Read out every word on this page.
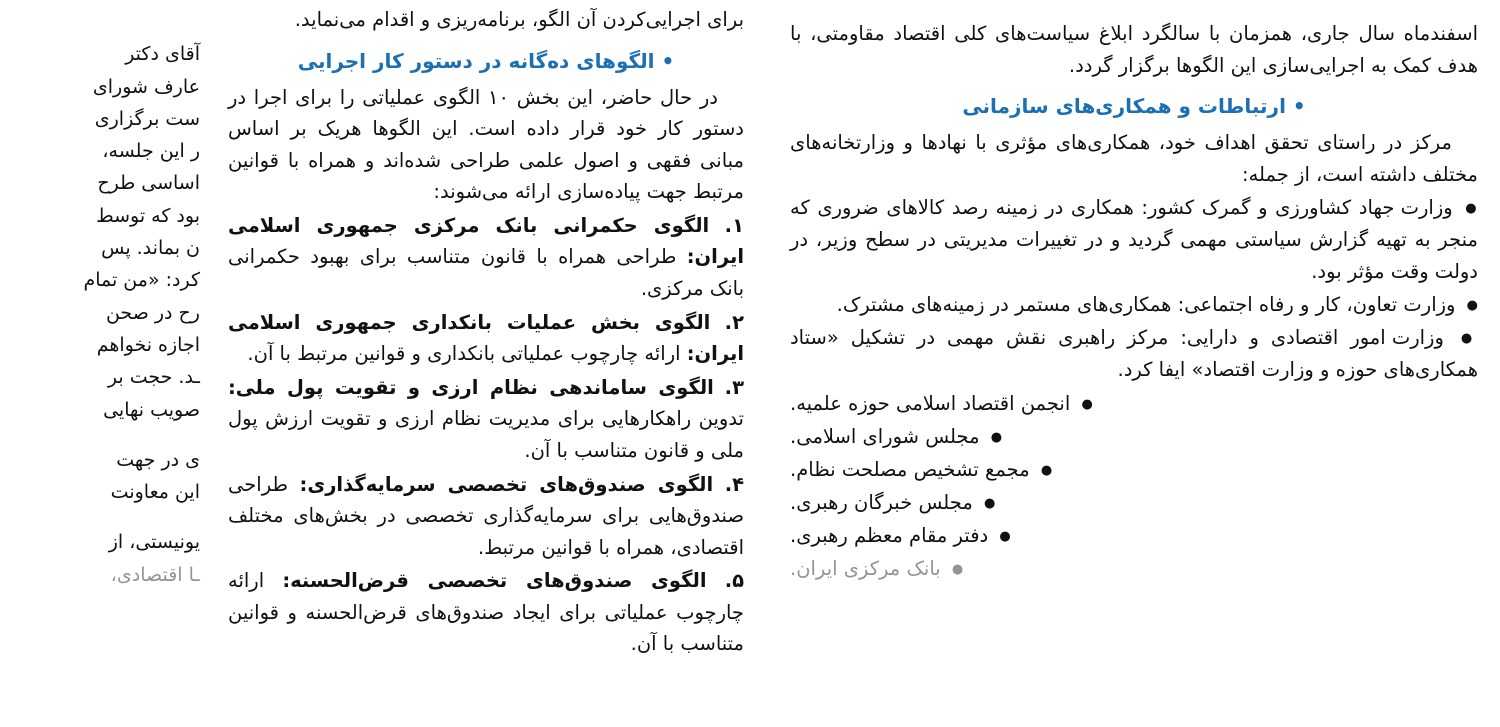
آقای دکتر
عارف شورای
ست برگزاری
ر این جلسه،
اساسی طرح
بود که توسط
ن بماند. پس
کرد: «من تمام
رح در صحن
اجازه نخواهم
ـد. حجت بر
صویب نهایی
ی در جهت
این معاونت
یونیستی، از
ـا اقتصادی،

برای اجرایی‌کردن آن الگو، برنامه‌ریزی و اقدام می‌نماید.

• الگوهای ده‌گانه در دستور کار اجرایی

در حال حاضر، این بخش ۱۰ الگوی عملیاتی را برای اجرا در دستور کار خود قرار داده است. این الگوها هریک بر اساس مبانی فقهی و اصول علمی طراحی شده‌اند و همراه با قوانین مرتبط جهت پیاده‌سازی ارائه می‌شوند:

۱. الگوی حکمرانی بانک مرکزی جمهوری اسلامی ایران: طراحی همراه با قانون متناسب برای بهبود حکمرانی بانک مرکزی.

۲. الگوی بخش عملیات بانکداری جمهوری اسلامی ایران: ارائه چارچوب عملیاتی بانکداری و قوانین مرتبط با آن.

۳. الگوی ساماندهی نظام ارزی و تقویت پول ملی: تدوین راهکارهایی برای مدیریت نظام ارزی و تقویت ارزش پول ملی و قانون متناسب با آن.

۴. الگوی صندوق‌های تخصصی سرمایه‌گذاری: طراحی صندوق‌هایی برای سرمایه‌گذاری تخصصی در بخش‌های مختلف اقتصادی، همراه با قوانین مرتبط.

۵. الگوی صندوق‌های تخصصی قرض‌الحسنه: ارائه چارچوب عملیاتی برای ایجاد صندوق‌های قرض‌الحسنه و قوانین متناسب با آن.

اسفندماه سال جاری، همزمان با سالگرد ابلاغ سیاست‌های کلی اقتصاد مقاومتی، با هدف کمک به اجرایی‌سازی این الگوها برگزار گردد.

• ارتباطات و همکاری‌های سازمانی

مرکز در راستای تحقق اهداف خود، همکاری‌های مؤثری با نهادها و وزارتخانه‌های مختلف داشته است، از جمله:

● وزارت جهاد کشاورزی و گمرک کشور: همکاری در زمینه رصد کالاهای ضروری که منجر به تهیه گزارش سیاستی مهمی گردید و در تغییرات مدیریتی در سطح وزیر، در دولت وقت مؤثر بود.
● وزارت تعاون، کار و رفاه اجتماعی: همکاری‌های مستمر در زمینه‌های مشترک.
● وزارت امور اقتصادی و دارایی: مرکز راهبری نقش مهمی در تشکیل «ستاد همکاری‌های حوزه و وزارت اقتصاد» ایفا کرد.
● انجمن اقتصاد اسلامی حوزه علمیه.
● مجلس شورای اسلامی.
● مجمع تشخیص مصلحت نظام.
● مجلس خبرگان رهبری.
● دفتر مقام معظم رهبری.
● بانک مرکزی ایران.
